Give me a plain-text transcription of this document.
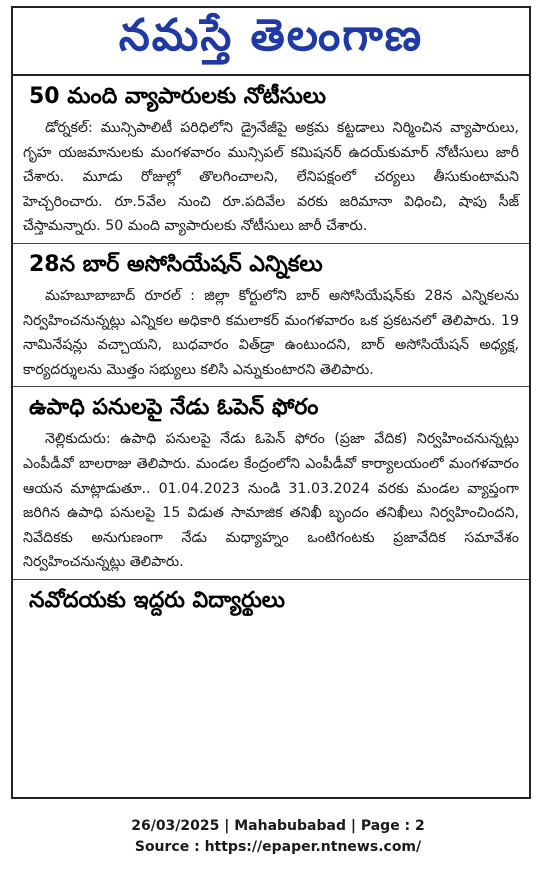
నమస్తే తెలంగాణ
50 మంది వ్యాపారులకు నోటీసులు

డోర్నకల్: మున్సిపాలిటీ పరిధిలోని డ్రైనేజీపై అక్రమ కట్టడాలు నిర్మించిన వ్యాపారులు, గృహ యజమానులకు మంగళవారం మున్సిపల్ కమిషనర్ ఉదయ్‌కుమార్ నోటీసులు జారీ చేశారు. మూడు రోజుల్లో తొలగించాలని, లేనిపక్షంలో చర్యలు తీసుకుంటామని హెచ్చరించారు. రూ.5వేల నుంచి రూ.పదివేల వరకు జరిమానా విధించి, షాపు సీజ్ చేస్తామన్నారు. 50 మంది వ్యాపారులకు నోటీసులు జారీ చేశారు.

28న బార్ అసోసియేషన్ ఎన్నికలు

మహబూబాబాద్ రూరల్ : జిల్లా కోర్టులోని బార్ అసోసియేషన్‌కు 28న ఎన్నికలను నిర్వహించనున్నట్లు ఎన్నికల అధికారి కమలాకర్ మంగళవారం ఒక ప్రకటనలో తెలిపారు. 19 నామినేషన్లు వచ్చాయని, బుధవారం విత్‌డ్రా ఉంటుందని, బార్ అసోసియేషన్ అధ్యక్ష, కార్యదర్శులను మొత్తం సభ్యులు కలిసి ఎన్నుకుంటారని తెలిపారు.

ఉపాధి పనులపై నేడు ఓపెన్ ఫోరం

నెల్లికుదురు: ఉపాధి పనులపై నేడు ఓపెన్ ఫోరం (ప్రజా వేదిక) నిర్వహించనున్నట్లు ఎంపీడీవో బాలరాజు తెలిపారు. మండల కేంద్రంలోని ఎంపీడీవో కార్యాలయంలో మంగళవారం ఆయన మాట్లాడుతూ.. 01.04.2023 నుండి 31.03.2024 వరకు మండల వ్యాప్తంగా జరిగిన ఉపాధి పనులపై 15 విడుత సామాజిక తనిఖీ బృందం తనిఖీలు నిర్వహించిందని, నివేదికకు అనుగుణంగా నేడు మధ్యాహ్నం ఒంటిగంటకు ప్రజావేదిక సమావేశం నిర్వహించనున్నట్లు తెలిపారు.

నవోదయకు ఇద్దరు విద్యార్థులు
26/03/2025 | Mahabubabad | Page : 2
Source : https://epaper.ntnews.com/
